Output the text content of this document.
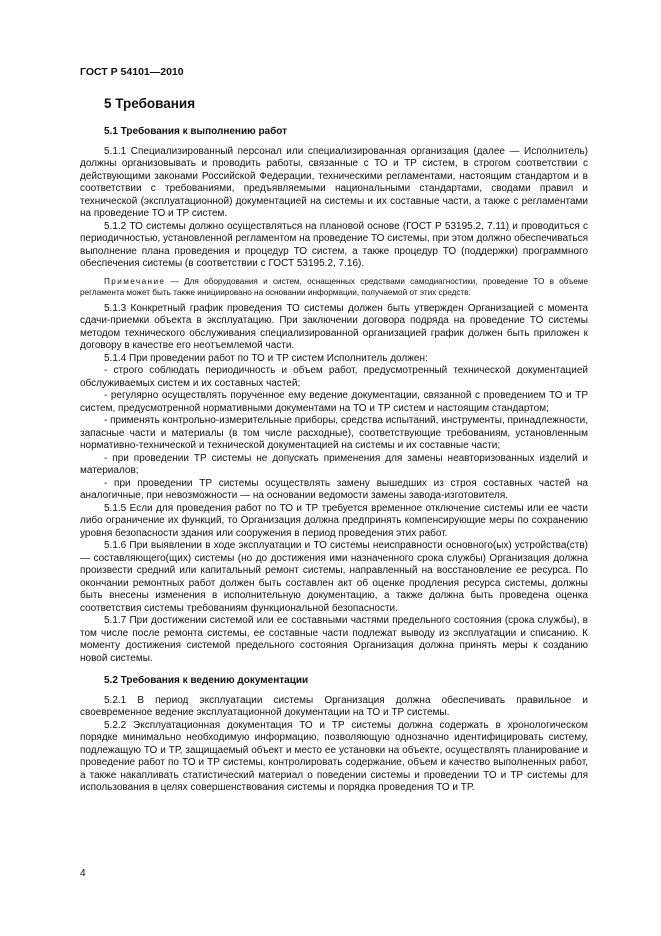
ГОСТ Р 54101—2010
5 Требования

5.1 Требования к выполнению работ

5.1.1 Специализированный персонал или специализированная организация (далее — Исполнитель) должны организовывать и проводить работы, связанные с ТО и ТР систем, в строгом соответствии с действующими законами Российской Федерации, техническими регламентами, настоящим стандартом и в соответствии с требованиями, предъявляемыми национальными стандартами, сводами правил и технической (эксплуатационной) документацией на системы и их составные части, а также с регламентами на проведение ТО и ТР систем.

5.1.2 ТО системы должно осуществляться на плановой основе (ГОСТ Р 53195.2, 7.11) и проводиться с периодичностью, установленной регламентом на проведение ТО системы, при этом должно обеспечиваться выполнение плана проведения и процедур ТО систем, а также процедур ТО (поддержки) программного обеспечения системы (в соответствии с ГОСТ 53195.2, 7.16).

Примечание — Для оборудования и систем, оснащенных средствами самодиагностики, проведение ТО в объеме регламента может быть также инициировано на основании информации, получаемой от этих средств.

5.1.3 Конкретный график проведения ТО системы должен быть утвержден Организацией с момента сдачи-приемки объекта в эксплуатацию. При заключении договора подряда на проведение ТО системы методом технического обслуживания специализированной организацией график должен быть приложен к договору в качестве его неотъемлемой части.

5.1.4 При проведении работ по ТО и ТР систем Исполнитель должен:

- строго соблюдать периодичность и объем работ, предусмотренный технической документацией обслуживаемых систем и их составных частей;

- регулярно осуществлять порученное ему ведение документации, связанной с проведением ТО и ТР систем, предусмотренной нормативными документами на ТО и ТР систем и настоящим стандартом;

- применять контрольно-измерительные приборы, средства испытаний, инструменты, принадлежности, запасные части и материалы (в том числе расходные), соответствующие требованиям, установленным нормативно-технической и технической документацией на системы и их составные части;

- при проведении ТР системы не допускать применения для замены неавторизованных изделий и материалов;

- при проведении ТР системы осуществлять замену вышедших из строя составных частей на аналогичные, при невозможности — на основании ведомости замены завода-изготовителя.

5.1.5 Если для проведения работ по ТО и ТР требуется временное отключение системы или ее части либо ограничение их функций, то Организация должна предпринять компенсирующие меры по сохранению уровня безопасности здания или сооружения в период проведения этих работ.

5.1.6 При выявлении в ходе эксплуатации и ТО системы неисправности основного(ых) устройства(ств) — составляющего(щих) системы (но до достижения ими назначенного срока службы) Организация должна произвести средний или капитальный ремонт системы, направленный на восстановление ее ресурса. По окончании ремонтных работ должен быть составлен акт об оценке продления ресурса системы, должны быть внесены изменения в исполнительную документацию, а также должна быть проведена оценка соответствия системы требованиям функциональной безопасности.

5.1.7 При достижении системой или ее составными частями предельного состояния (срока службы), в том числе после ремонта системы, ее составные части подлежат выводу из эксплуатации и списанию. К моменту достижения системой предельного состояния Организация должна принять меры к созданию новой системы.

5.2 Требования к ведению документации

5.2.1 В период эксплуатации системы Организация должна обеспечивать правильное и своевременное ведение эксплуатационной документации на ТО и ТР системы.

5.2.2 Эксплуатационная документация ТО и ТР системы должна содержать в хронологическом порядке минимально необходимую информацию, позволяющую однозначно идентифицировать систему, подлежащую ТО и ТР, защищаемый объект и место ее установки на объекте, осуществлять планирование и проведение работ по ТО и ТР системы, контролировать содержание, объем и качество выполненных работ, а также накапливать статистический материал о поведении системы и проведении ТО и ТР системы для использования в целях совершенствования системы и порядка проведения ТО и ТР.

4
